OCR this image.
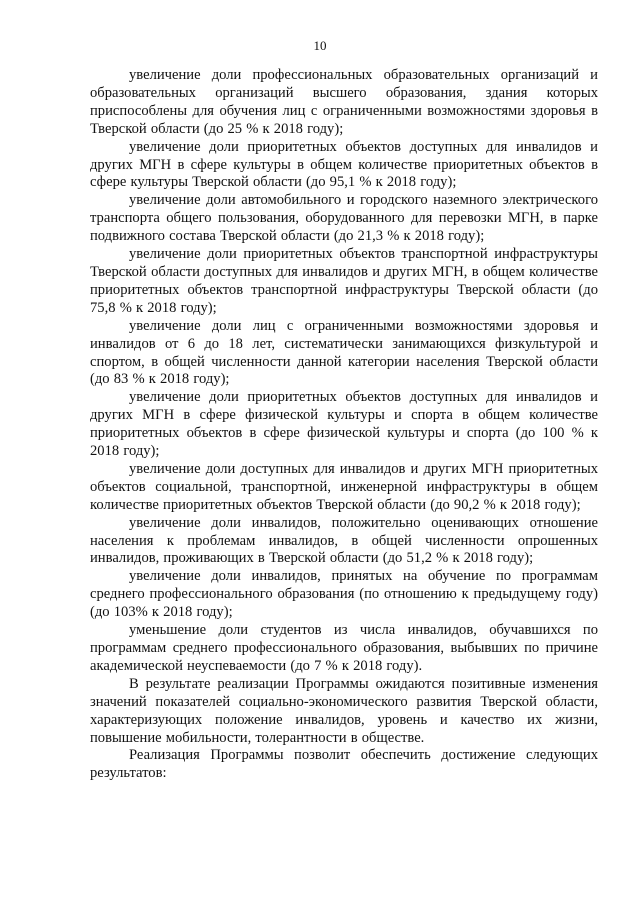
10

увеличение доли профессиональных образовательных организаций и образовательных организаций высшего образования, здания которых приспособлены для обучения лиц с ограниченными возможностями здоровья в Тверской области (до 25 % к 2018 году);

увеличение доли приоритетных объектов доступных для инвалидов и других МГН в сфере культуры в общем количестве приоритетных объектов в сфере культуры Тверской области (до 95,1 % к 2018 году);

увеличение доли автомобильного и городского наземного электрического транспорта общего пользования, оборудованного для перевозки МГН, в парке подвижного состава Тверской области (до 21,3 % к 2018 году);

увеличение доли приоритетных объектов транспортной инфраструктуры Тверской области доступных для инвалидов и других МГН, в общем количестве приоритетных объектов транспортной инфраструктуры Тверской области (до 75,8 % к 2018 году);

увеличение доли лиц с ограниченными возможностями здоровья и инвалидов от 6 до 18 лет, систематически занимающихся физкультурой и спортом, в общей численности данной категории населения Тверской области (до 83 % к 2018 году);

увеличение доли приоритетных объектов доступных для инвалидов и других МГН в сфере физической культуры и спорта в общем количестве приоритетных объектов в сфере физической культуры и спорта (до 100 % к 2018 году);

увеличение доли доступных для инвалидов и других МГН приоритетных объектов социальной, транспортной, инженерной инфраструктуры в общем количестве приоритетных объектов Тверской области (до 90,2 % к 2018 году);

увеличение доли инвалидов, положительно оценивающих отношение населения к проблемам инвалидов, в общей численности опрошенных инвалидов, проживающих в Тверской области (до 51,2 % к 2018 году);

увеличение доли инвалидов, принятых на обучение по программам среднего профессионального образования (по отношению к предыдущему году) (до 103% к 2018 году);

уменьшение доли студентов из числа инвалидов, обучавшихся по программам среднего профессионального образования, выбывших по причине академической неуспеваемости (до 7 % к 2018 году).

В результате реализации Программы ожидаются позитивные изменения значений показателей социально-экономического развития Тверской области, характеризующих положение инвалидов, уровень и качество их жизни, повышение мобильности, толерантности в обществе.

Реализация Программы позволит обеспечить достижение следующих результатов:
